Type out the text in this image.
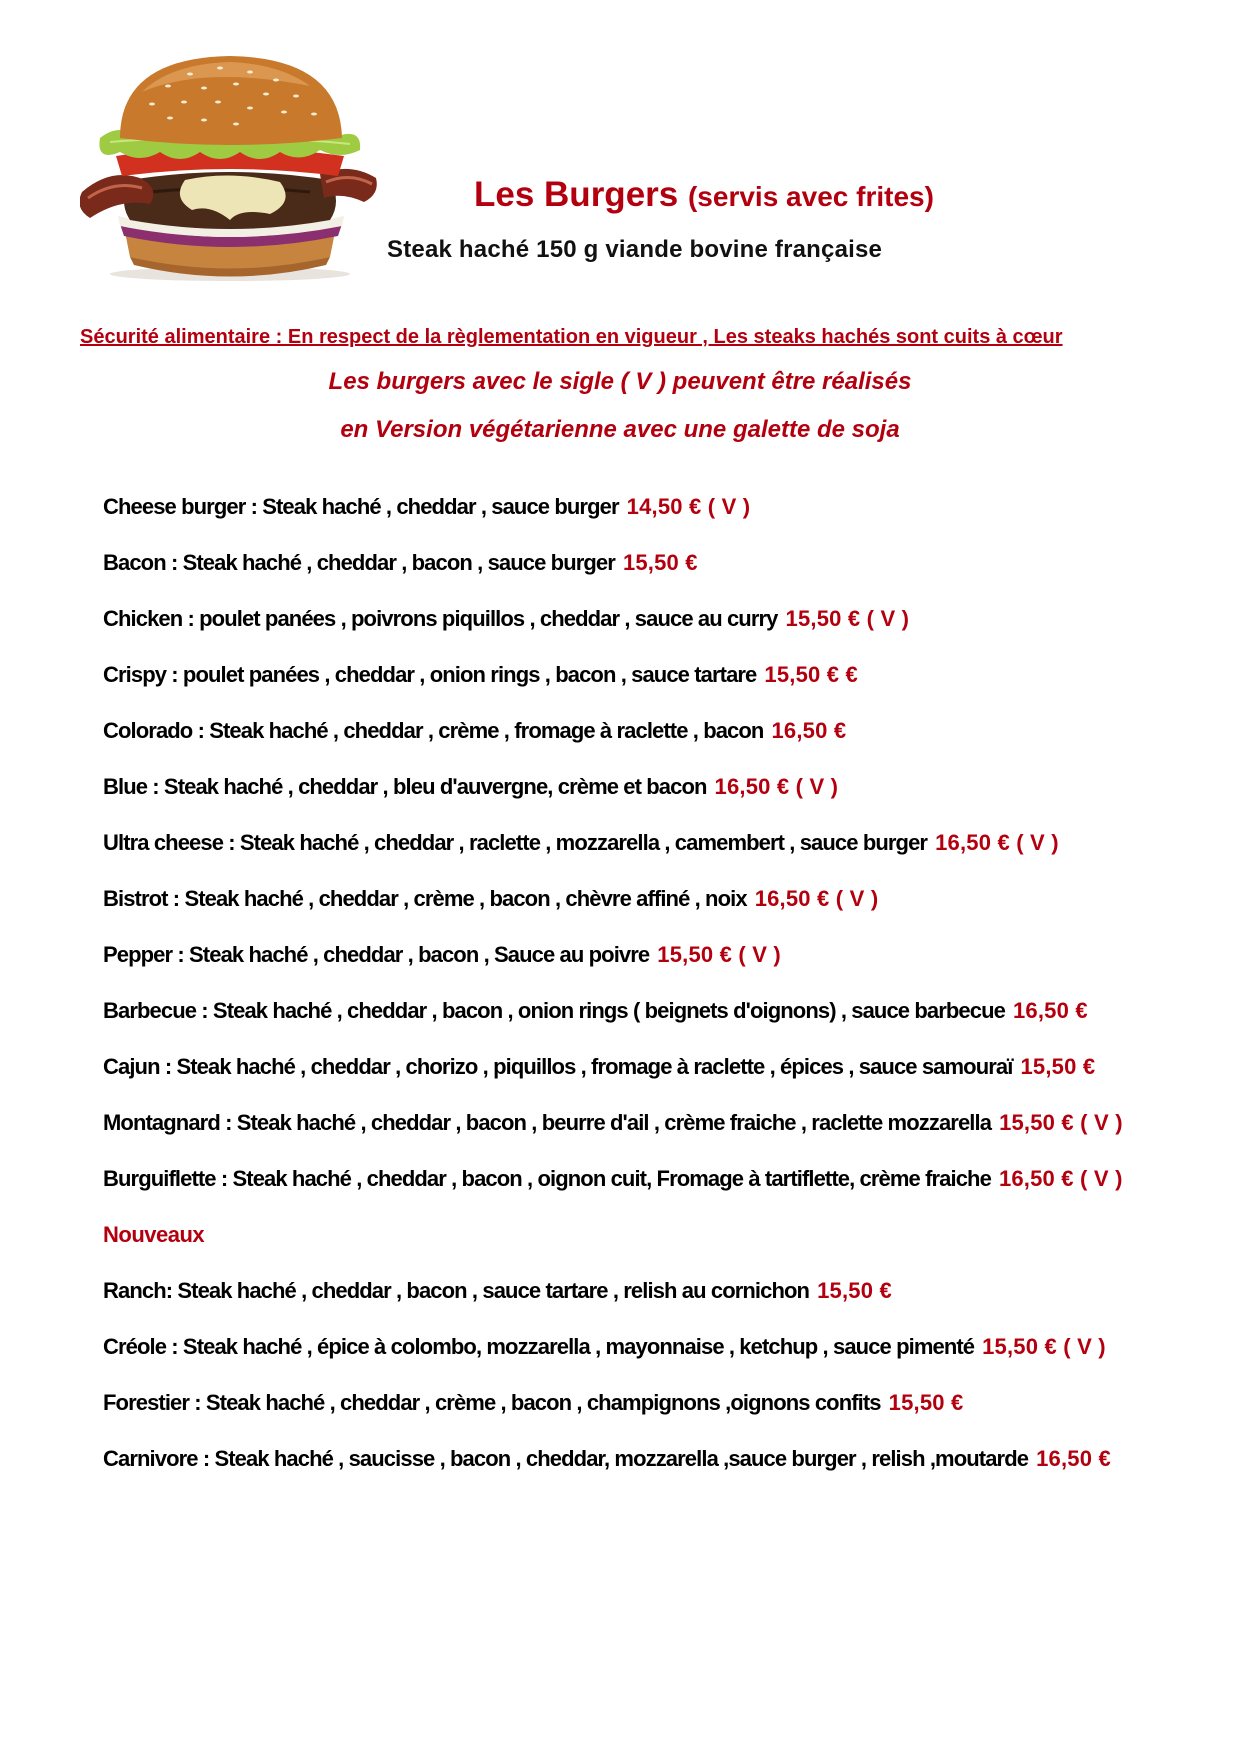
Les Burgers (servis avec frites)
Steak haché 150 g viande bovine française
Sécurité alimentaire : En respect de la règlementation en vigueur , Les steaks hachés sont cuits à cœur
Les burgers avec le sigle ( V ) peuvent être réalisés
en Version végétarienne avec une galette de soja
Cheese burger : Steak haché , cheddar , sauce burger 14,50 € ( V )
Bacon : Steak haché , cheddar , bacon , sauce burger 15,50 €
Chicken : poulet panées , poivrons piquillos , cheddar , sauce au curry 15,50 € ( V )
Crispy : poulet panées , cheddar , onion rings , bacon , sauce tartare 15,50 € €
Colorado : Steak haché , cheddar , crème , fromage à raclette , bacon 16,50 €
Blue : Steak haché , cheddar , bleu d'auvergne, crème et bacon 16,50 € ( V )
Ultra cheese : Steak haché , cheddar , raclette , mozzarella , camembert , sauce burger 16,50 € ( V )
Bistrot : Steak haché , cheddar , crème , bacon , chèvre affiné , noix 16,50 € ( V )
Pepper : Steak haché , cheddar , bacon , Sauce au poivre 15,50 € ( V )
Barbecue : Steak haché , cheddar , bacon , onion rings ( beignets d'oignons) , sauce barbecue 16,50 €
Cajun : Steak haché , cheddar , chorizo , piquillos , fromage à raclette , épices , sauce samouraï 15,50 €
Montagnard : Steak haché , cheddar , bacon , beurre d'ail , crème fraiche , raclette mozzarella 15,50 € ( V )
Burguiflette : Steak haché , cheddar , bacon , oignon cuit, Fromage à tartiflette, crème fraiche 16,50 € ( V )
Nouveaux
Ranch: Steak haché , cheddar , bacon , sauce tartare , relish au cornichon 15,50 €
Créole : Steak haché , épice à colombo, mozzarella , mayonnaise , ketchup , sauce pimenté 15,50 € ( V )
Forestier : Steak haché , cheddar , crème , bacon , champignons ,oignons confits 15,50 €
Carnivore : Steak haché , saucisse , bacon , cheddar, mozzarella ,sauce burger , relish ,moutarde 16,50 €
